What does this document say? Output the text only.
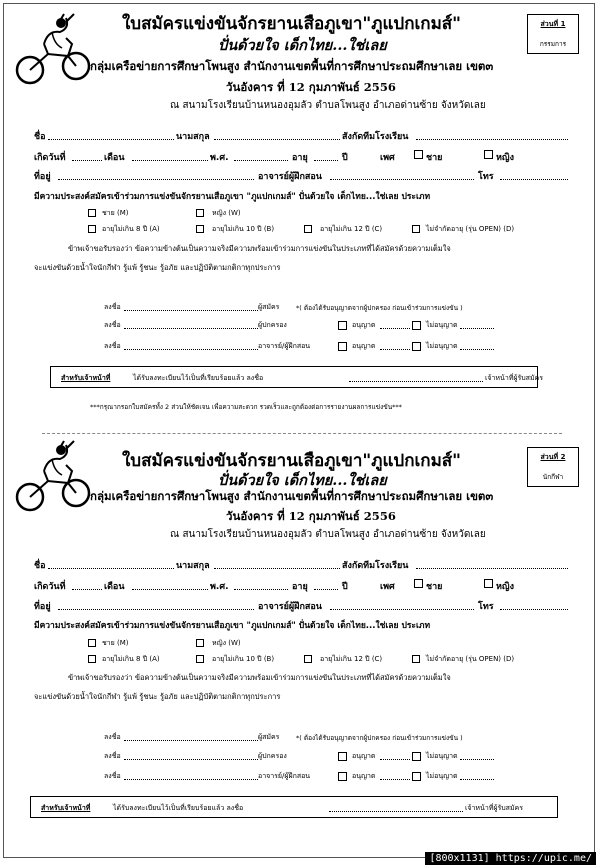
ใบสมัครแข่งขันจักรยานเสือภูเขา"ภูแปกเกมส์"
ปั่นด้วยใจ เด็กไทย...ใช่เลย
กลุ่มเครือข่ายการศึกษาโพนสูง สำนักงานเขตพื้นที่การศึกษาประถมศึกษาเลย เขต๓
วันอังคาร ที่ 12 กุมภาพันธ์ 2556
ณ สนามโรงเรียนบ้านหนองอุมลัว ตำบลโพนสูง อำเภอด่านซ้าย จังหวัดเลย
ส่วนที่ 1
กรรมการ
ชื่อ	นามสกุล	สังกัดทีมโรงเรียน
เกิดวันที่	เดือน	พ.ศ.	อายุ	ปี	เพศ	ชาย	หญิง
ที่อยู่	อาจารย์ผู้ฝึกสอน	โทร
มีความประสงค์สมัครเข้าร่วมการแข่งขันจักรยานเสือภูเขา "ภูแปกเกมส์" ปั่นด้วยใจ เด็กไทย...ใช่เลย ประเภท
ชาย (M)	หญิง (W)
อายุไม่เกิน 8 ปี (A)	อายุไม่เกิน 10 ปี (B)	อายุไม่เกิน 12 ปี (C)	ไม่จำกัดอายุ (รุ่น OPEN) (D)
ข้าพเจ้าขอรับรองว่า ข้อความข้างต้นเป็นความจริงมีความพร้อมเข้าร่วมการแข่งขันในประเภทที่ได้สมัครด้วยความเต็มใจ
จะแข่งขันด้วยน้ำใจนักกีฬา รู้แพ้ รู้ชนะ รู้อภัย และปฏิบัติตามกติกาทุกประการ
ลงชื่อ	ผู้สมัคร	*( ต้องได้รับอนุญาตจากผู้ปกครอง ก่อนเข้าร่วมการแข่งขัน )
ลงชื่อ	ผู้ปกครอง	อนุญาต	ไม่อนุญาต
ลงชื่อ	อาจารย์/ผู้ฝึกสอน	อนุญาต	ไม่อนุญาต
สำหรับเจ้าหน้าที่	ได้รับลงทะเบียนไว้เป็นที่เรียบร้อยแล้ว ลงชื่อ	เจ้าหน้าที่ผู้รับสมัคร
***กรุณากรอกใบสมัครทั้ง 2 ส่วนให้ชัดเจน เพื่อความสะดวก รวดเร็วและถูกต้องต่อการรายงานผลการแข่งขัน***
ใบสมัครแข่งขันจักรยานเสือภูเขา"ภูแปกเกมส์"
ปั่นด้วยใจ เด็กไทย...ใช่เลย
กลุ่มเครือข่ายการศึกษาโพนสูง สำนักงานเขตพื้นที่การศึกษาประถมศึกษาเลย เขต๓
วันอังคาร ที่ 12 กุมภาพันธ์ 2556
ณ สนามโรงเรียนบ้านหนองอุมลัว ตำบลโพนสูง อำเภอด่านซ้าย จังหวัดเลย
ส่วนที่ 2
นักกีฬา
ชื่อ	นามสกุล	สังกัดทีมโรงเรียน
เกิดวันที่	เดือน	พ.ศ.	อายุ	ปี	เพศ	ชาย	หญิง
ที่อยู่	อาจารย์ผู้ฝึกสอน	โทร
มีความประสงค์สมัครเข้าร่วมการแข่งขันจักรยานเสือภูเขา "ภูแปกเกมส์" ปั่นด้วยใจ เด็กไทย...ใช่เลย ประเภท
ชาย (M)	หญิง (W)
อายุไม่เกิน 8 ปี (A)	อายุไม่เกิน 10 ปี (B)	อายุไม่เกิน 12 ปี (C)	ไม่จำกัดอายุ (รุ่น OPEN) (D)
ข้าพเจ้าขอรับรองว่า ข้อความข้างต้นเป็นความจริงมีความพร้อมเข้าร่วมการแข่งขันในประเภทที่ได้สมัครด้วยความเต็มใจ
จะแข่งขันด้วยน้ำใจนักกีฬา รู้แพ้ รู้ชนะ รู้อภัย และปฏิบัติตามกติกาทุกประการ
ลงชื่อ	ผู้สมัคร	*( ต้องได้รับอนุญาตจากผู้ปกครอง ก่อนเข้าร่วมการแข่งขัน )
ลงชื่อ	ผู้ปกครอง	อนุญาต	ไม่อนุญาต
ลงชื่อ	อาจารย์/ผู้ฝึกสอน	อนุญาต	ไม่อนุญาต
สำหรับเจ้าหน้าที่	ได้รับลงทะเบียนไว้เป็นที่เรียบร้อยแล้ว ลงชื่อ	เจ้าหน้าที่ผู้รับสมัคร
[800x1131] https://upic.me/
